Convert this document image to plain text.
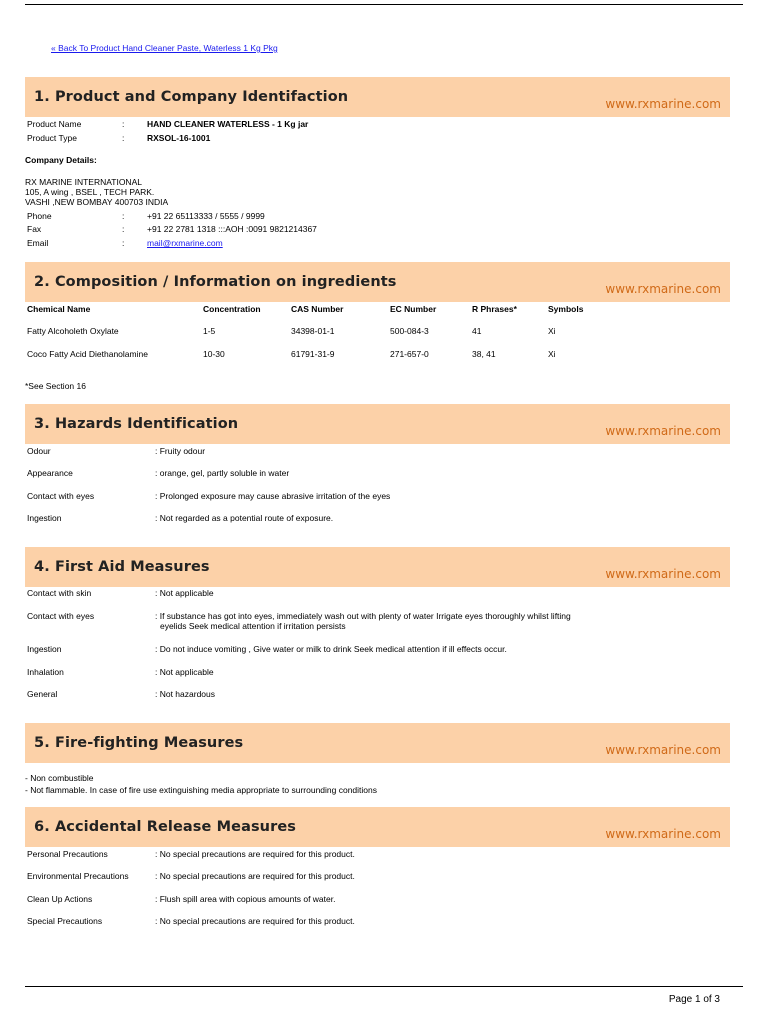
« Back To Product Hand Cleaner Paste, Waterless 1 Kg Pkg
1. Product and Company Identifaction	www.rxmarine.com
Product Name	:	HAND CLEANER WATERLESS - 1 Kg jar
Product Type	:	RXSOL-16-1001
Company Details:
RX MARINE INTERNATIONAL
105, A wing , BSEL , TECH PARK.
VASHI ,NEW BOMBAY 400703 INDIA
Phone	:	+91 22 65113333 / 5555 / 9999
Fax	:	+91 22 2781 1318 :::AOH :0091 9821214367
Email	:	mail@rxmarine.com
2. Composition / Information on ingredients	www.rxmarine.com
Chemical Name	Concentration	CAS Number	EC Number	R Phrases*	Symbols
Fatty Alcoholeth Oxylate	1-5	34398-01-1	500-084-3	41	Xi
Coco Fatty Acid Diethanolamine	10-30	61791-31-9	271-657-0	38, 41	Xi
*See Section 16
3. Hazards Identification	www.rxmarine.com
Odour	: Fruity odour
Appearance	: orange, gel, partly soluble in water
Contact with eyes	: Prolonged exposure may cause abrasive irritation of the eyes
Ingestion	: Not regarded as a potential route of exposure.
4. First Aid Measures	www.rxmarine.com
Contact with skin	: Not applicable
Contact with eyes	: If substance has got into eyes, immediately wash out with plenty of water Irrigate eyes thoroughly whilst lifting
eyelids Seek medical attention if irritation persists
Ingestion	: Do not induce vomiting , Give water or milk to drink Seek medical attention if ill effects occur.
Inhalation	: Not applicable
General	: Not hazardous
5. Fire-fighting Measures	www.rxmarine.com
- Non combustible
- Not flammable. In case of fire use extinguishing media appropriate to surrounding conditions
6. Accidental Release Measures	www.rxmarine.com
Personal Precautions	: No special precautions are required for this product.
Environmental Precautions	: No special precautions are required for this product.
Clean Up Actions	: Flush spill area with copious amounts of water.
Special Precautions	: No special precautions are required for this product.
Page 1 of 3
